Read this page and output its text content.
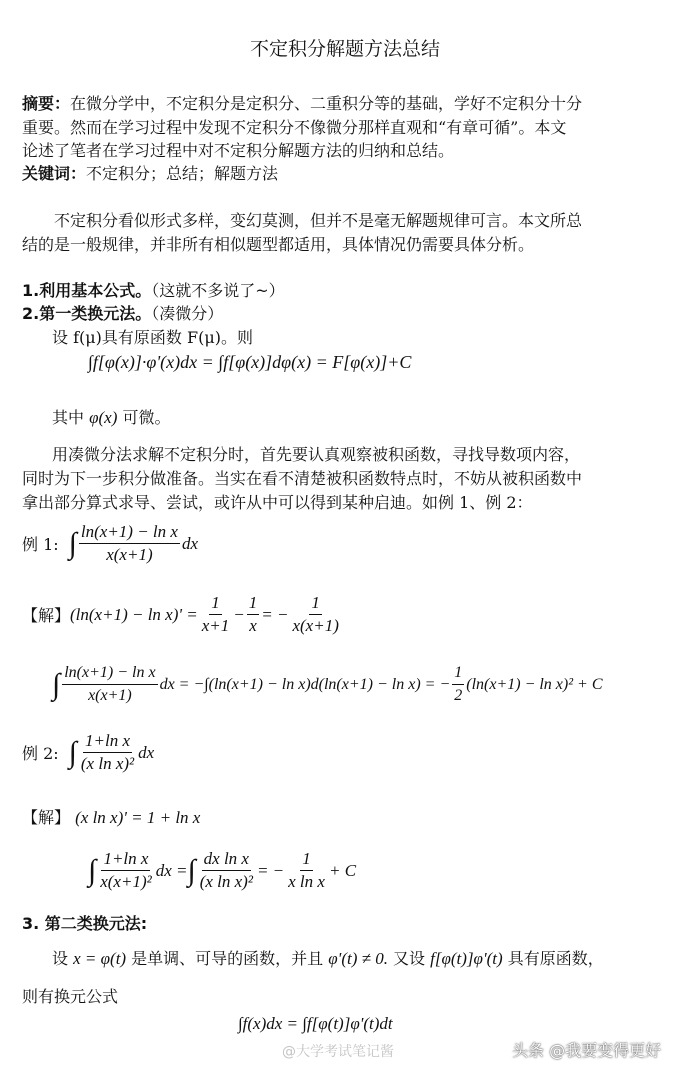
不定积分解题方法总结
摘要：在微分学中，不定积分是定积分、二重积分等的基础，学好不定积分十分
重要。然而在学习过程中发现不定积分不像微分那样直观和“有章可循”。本文
论述了笔者在学习过程中对不定积分解题方法的归纳和总结。
关键词：不定积分；总结；解题方法
不定积分看似形式多样，变幻莫测，但并不是毫无解题规律可言。本文所总
结的是一般规律，并非所有相似题型都适用，具体情况仍需要具体分析。
1.利用基本公式。（这就不多说了~）
2.第一类换元法。（凑微分）
设 f(μ)具有原函数 F(μ)。则
∫f[φ(x)]·φ'(x)dx = ∫f[φ(x)]dφ(x) = F[φ(x)]+C
其中 φ(x) 可微。
用凑微分法求解不定积分时，首先要认真观察被积函数，寻找导数项内容，
同时为下一步积分做准备。当实在看不清楚被积函数特点时，不妨从被积函数中
拿出部分算式求导、尝试，或许从中可以得到某种启迪。如例 1、例 2：
例 1: ∫ $\frac{\text{ln(x+1) − ln x}}{x(x+1)}$ dx
【解】 $(\ln(x+1) - \ln x)' = \frac{1}{x+1} - \frac{1}{x}$ = − $\frac{1}{x(x+1)}$
∫ $\frac{\text{ln(x+1) − ln x}}{x(x+1)}$ dx = −∫(ln(x+1) − ln x)d(ln(x+1) − ln x) = − $\frac{1}{2} (\ln(x+1) - \ln x)^2 + C$
例 2: ∫ $\frac{\text{1+ln x}}{\text{(x ln x)²}}$ dx
【解】 (x ln x)' = 1 + ln x
∫ $\frac{\text{1+ln x}}{\text{x(x+1)²}}$ dx = ∫ $\frac{\text{dx ln x}}{\text{(x ln x)²}}$ = − $\frac{1}{\text{x ln x}} + C$
3. 第二类换元法:
设 x = φ(t) 是单调、可导的函数，并且 φ'(t) ≠ 0. 又设 f[φ(t)]φ'(t) 具有原函数，
则有换元公式
∫f(x)dx = ∫f[φ(t)]φ'(t)dt
@大学考试笔记酱	头条 @我要变得更好
